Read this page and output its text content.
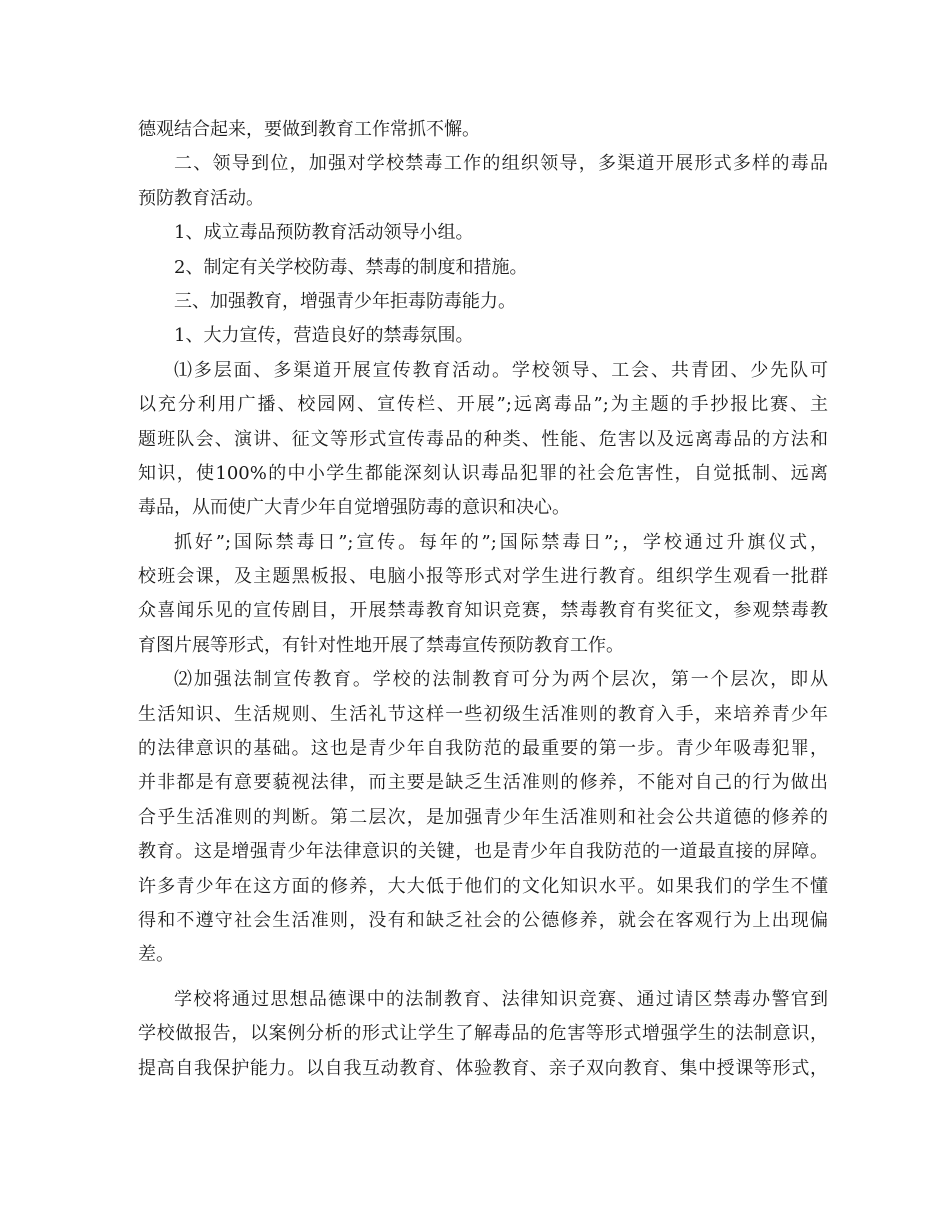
德观结合起来，要做到教育工作常抓不懈。
二、领导到位，加强对学校禁毒工作的组织领导，多渠道开展形式多样的毒品
预防教育活动。
1、成立毒品预防教育活动领导小组。
2、制定有关学校防毒、禁毒的制度和措施。
三、加强教育，增强青少年拒毒防毒能力。
1、大力宣传，营造良好的禁毒氛围。
⑴多层面、多渠道开展宣传教育活动。学校领导、工会、共青团、少先队可
以充分利用广播、校园网、宣传栏、开展”;远离毒品”;为主题的手抄报比赛、主
题班队会、演讲、征文等形式宣传毒品的种类、性能、危害以及远离毒品的方法和
知识，使100%的中小学生都能深刻认识毒品犯罪的社会危害性，自觉抵制、远离
毒品，从而使广大青少年自觉增强防毒的意识和决心。
抓好”;国际禁毒日”;宣传。每年的”;国际禁毒日”;，学校通过升旗仪式，
校班会课，及主题黑板报、电脑小报等形式对学生进行教育。组织学生观看一批群
众喜闻乐见的宣传剧目，开展禁毒教育知识竞赛，禁毒教育有奖征文，参观禁毒教
育图片展等形式，有针对性地开展了禁毒宣传预防教育工作。
⑵加强法制宣传教育。学校的法制教育可分为两个层次，第一个层次，即从
生活知识、生活规则、生活礼节这样一些初级生活准则的教育入手，来培养青少年
的法律意识的基础。这也是青少年自我防范的最重要的第一步。青少年吸毒犯罪，
并非都是有意要藐视法律，而主要是缺乏生活准则的修养，不能对自己的行为做出
合乎生活准则的判断。第二层次，是加强青少年生活准则和社会公共道德的修养的
教育。这是增强青少年法律意识的关键，也是青少年自我防范的一道最直接的屏障。
许多青少年在这方面的修养，大大低于他们的文化知识水平。如果我们的学生不懂
得和不遵守社会生活准则，没有和缺乏社会的公德修养，就会在客观行为上出现偏
差。
学校将通过思想品德课中的法制教育、法律知识竞赛、通过请区禁毒办警官到
学校做报告，以案例分析的形式让学生了解毒品的危害等形式增强学生的法制意识，
提高自我保护能力。以自我互动教育、体验教育、亲子双向教育、集中授课等形式，
